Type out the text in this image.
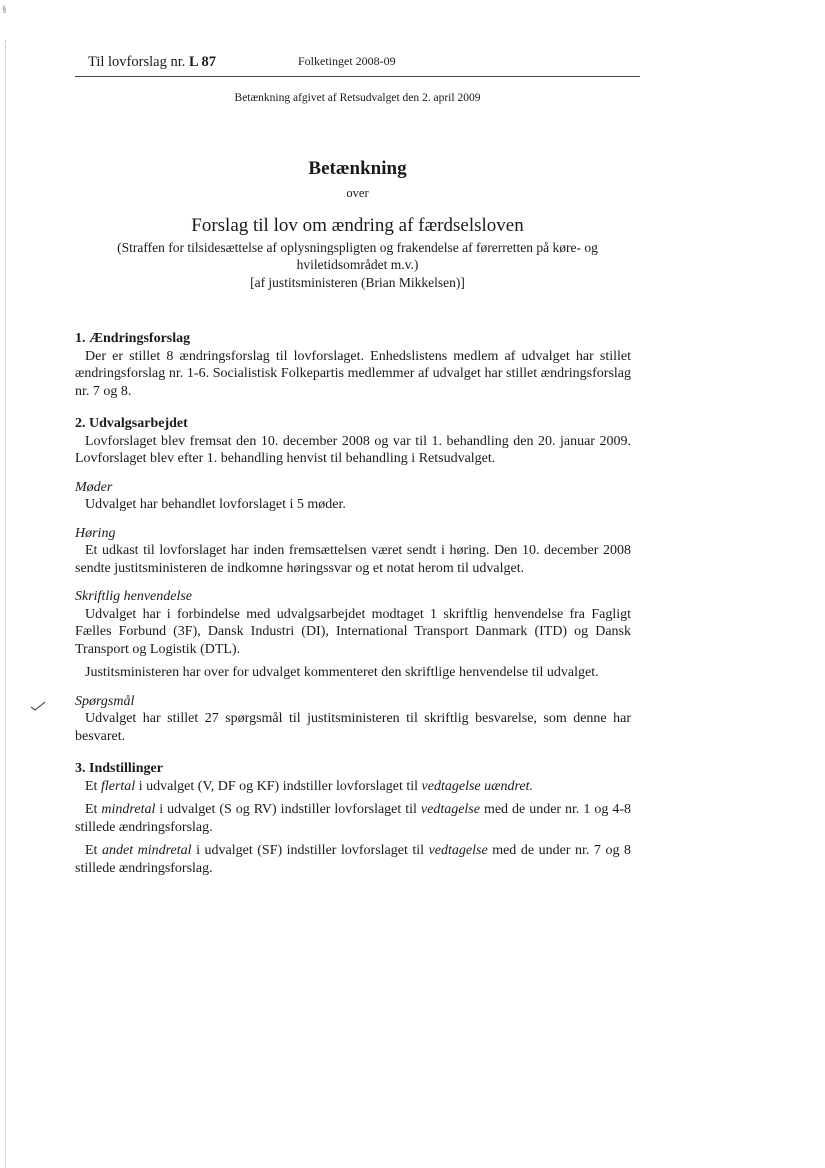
§
Til lovforslag nr. L 87	Folketinget 2008-09
Betænkning afgivet af Retsudvalget den 2. april 2009
Betænkning
over
Forslag til lov om ændring af færdselsloven
(Straffen for tilsidesættelse af oplysningspligten og frakendelse af førerretten på køre- og hviletidsområdet m.v.)
[af justitsministeren (Brian Mikkelsen)]
1. Ændringsforslag

Der er stillet 8 ændringsforslag til lovforslaget. Enhedslistens medlem af udvalget har stillet ændringsforslag nr. 1-6. Socialistisk Folkepartis medlemmer af udvalget har stillet ændringsforslag nr. 7 og 8.

2. Udvalgsarbejdet

Lovforslaget blev fremsat den 10. december 2008 og var til 1. behandling den 20. januar 2009. Lovforslaget blev efter 1. behandling henvist til behandling i Retsudvalget.

Møder

Udvalget har behandlet lovforslaget i 5 møder.

Høring

Et udkast til lovforslaget har inden fremsættelsen været sendt i høring. Den 10. december 2008 sendte justitsministeren de indkomne høringssvar og et notat herom til udvalget.

Skriftlig henvendelse

Udvalget har i forbindelse med udvalgsarbejdet modtaget 1 skriftlig henvendelse fra Fagligt Fælles Forbund (3F), Dansk Industri (DI), International Transport Danmark (ITD) og Dansk Transport og Logistik (DTL).

Justitsministeren har over for udvalget kommenteret den skriftlige henvendelse til udvalget.

Spørgsmål

Udvalget har stillet 27 spørgsmål til justitsministeren til skriftlig besvarelse, som denne har besvaret.

3. Indstillinger

Et flertal i udvalget (V, DF og KF) indstiller lovforslaget til vedtagelse uændret.

Et mindretal i udvalget (S og RV) indstiller lovforslaget til vedtagelse med de under nr. 1 og 4-8 stillede ændringsforslag.

Et andet mindretal i udvalget (SF) indstiller lovforslaget til vedtagelse med de under nr. 7 og 8 stillede ændringsforslag.
